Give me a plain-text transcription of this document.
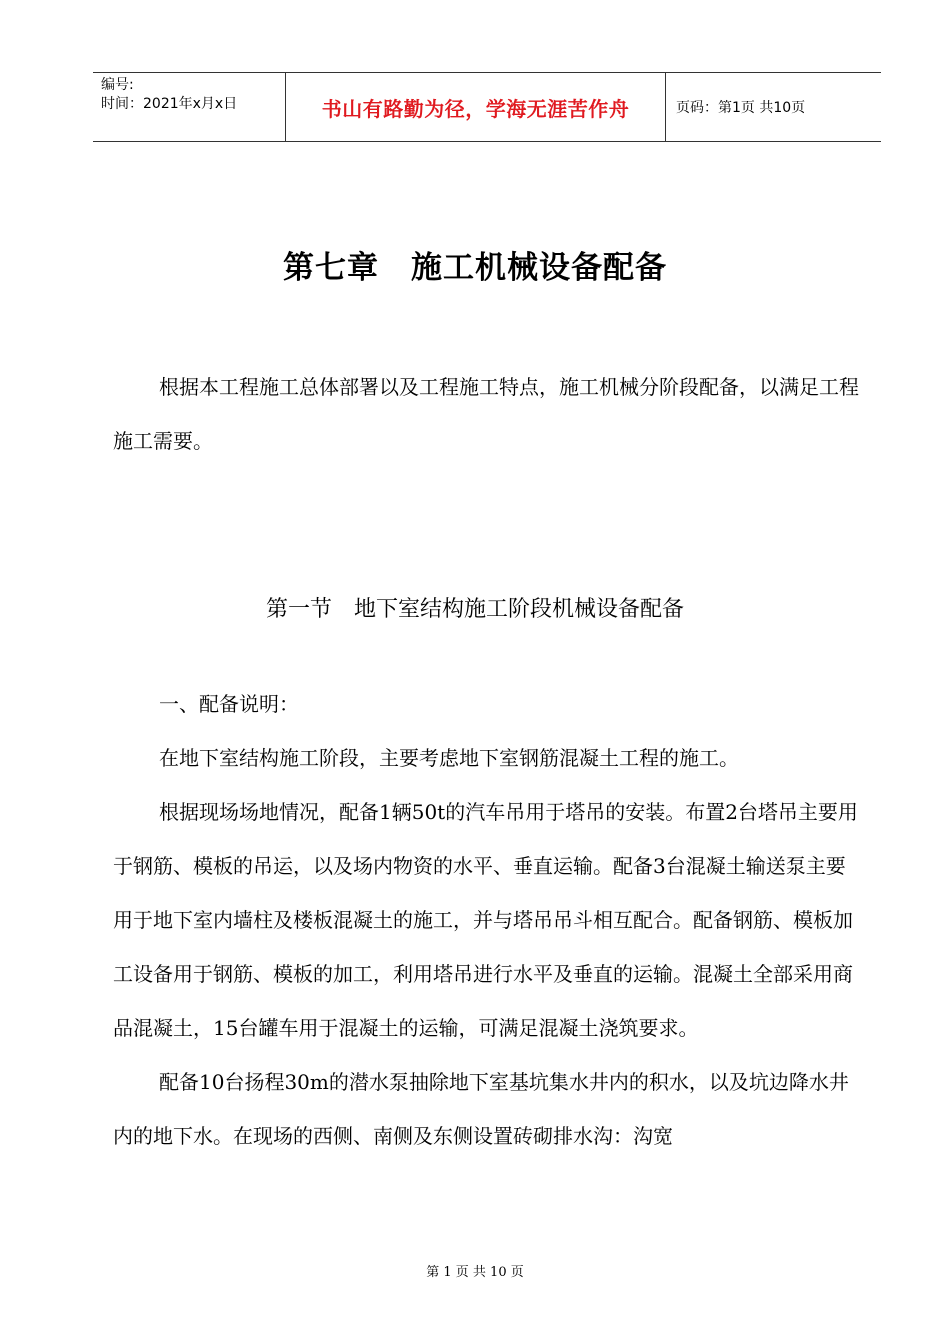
编号:
时间：2021年x月x日	书山有路勤为径，学海无涯苦作舟	页码：第1页 共10页
第七章　施工机械设备配备

根据本工程施工总体部署以及工程施工特点，施工机械分阶段配备，以满足工程施工需要。

第一节　地下室结构施工阶段机械设备配备

一、配备说明：

在地下室结构施工阶段，主要考虑地下室钢筋混凝土工程的施工。

根据现场场地情况，配备1辆50t的汽车吊用于塔吊的安装。布置2台塔吊主要用于钢筋、模板的吊运，以及场内物资的水平、垂直运输。配备3台混凝土输送泵主要用于地下室内墙柱及楼板混凝土的施工，并与塔吊吊斗相互配合。配备钢筋、模板加工设备用于钢筋、模板的加工，利用塔吊进行水平及垂直的运输。混凝土全部采用商品混凝土，15台罐车用于混凝土的运输，可满足混凝土浇筑要求。

配备10台扬程30m的潜水泵抽除地下室基坑集水井内的积水，以及坑边降水井内的地下水。在现场的西侧、南侧及东侧设置砖砌排水沟：沟宽

第 1 页 共 10 页
